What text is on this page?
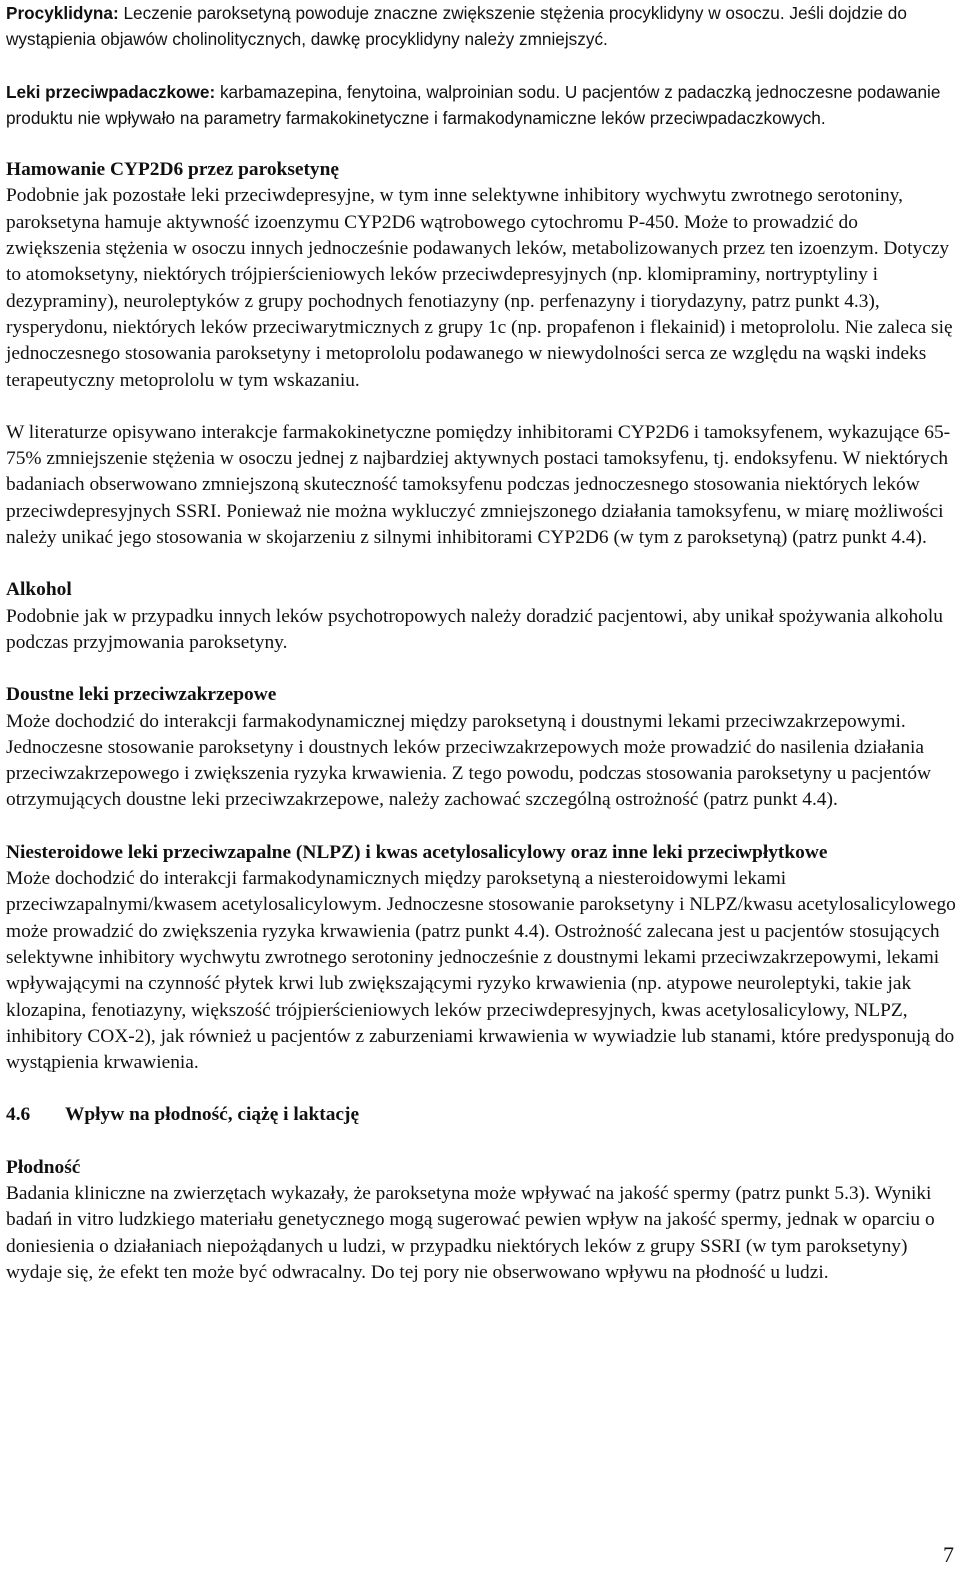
Procyklidyna: Leczenie paroksetyną powoduje znaczne zwiększenie stężenia procyklidyny w osoczu. Jeśli dojdzie do wystąpienia objawów cholinolitycznych, dawkę procyklidyny należy zmniejszyć.

Leki przeciwpadaczkowe: karbamazepina, fenytoina, walproinian sodu. U pacjentów z padaczką jednoczesne podawanie produktu nie wpływało na parametry farmakokinetyczne i farmakodynamiczne leków przeciwpadaczkowych.

Hamowanie CYP2D6 przez paroksetynę

Podobnie jak pozostałe leki przeciwdepresyjne, w tym inne selektywne inhibitory wychwytu zwrotnego serotoniny, paroksetyna hamuje aktywność izoenzymu CYP2D6 wątrobowego cytochromu P-450. Może to prowadzić do zwiększenia stężenia w osoczu innych jednocześnie podawanych leków, metabolizowanych przez ten izoenzym. Dotyczy to atomoksetyny, niektórych trójpierścieniowych leków przeciwdepresyjnych (np. klomipraminy, nortryptyliny i dezypraminy), neuroleptyków z grupy pochodnych fenotiazyny (np. perfenazyny i tiorydazyny, patrz punkt 4.3), rysperydonu, niektórych leków przeciwarytmicznych z grupy 1c (np. propafenon i flekainid) i metoprololu. Nie zaleca się jednoczesnego stosowania paroksetyny i metoprololu podawanego w niewydolności serca ze względu na wąski indeks terapeutyczny metoprololu w tym wskazaniu.

W literaturze opisywano interakcje farmakokinetyczne pomiędzy inhibitorami CYP2D6 i tamoksyfenem, wykazujące 65-75% zmniejszenie stężenia w osoczu jednej z najbardziej aktywnych postaci tamoksyfenu, tj. endoksyfenu. W niektórych badaniach obserwowano zmniejszoną skuteczność tamoksyfenu podczas jednoczesnego stosowania niektórych leków przeciwdepresyjnych SSRI. Ponieważ nie można wykluczyć zmniejszonego działania tamoksyfenu, w miarę możliwości należy unikać jego stosowania w skojarzeniu z silnymi inhibitorami CYP2D6 (w tym z paroksetyną) (patrz punkt 4.4).

Alkohol

Podobnie jak w przypadku innych leków psychotropowych należy doradzić pacjentowi, aby unikał spożywania alkoholu podczas przyjmowania paroksetyny.

Doustne leki przeciwzakrzepowe

Może dochodzić do interakcji farmakodynamicznej między paroksetyną i doustnymi lekami przeciwzakrzepowymi. Jednoczesne stosowanie paroksetyny i doustnych leków przeciwzakrzepowych może prowadzić do nasilenia działania przeciwzakrzepowego i zwiększenia ryzyka krwawienia. Z tego powodu, podczas stosowania paroksetyny u pacjentów otrzymujących doustne leki przeciwzakrzepowe, należy zachować szczególną ostrożność (patrz punkt 4.4).

Niesteroidowe leki przeciwzapalne (NLPZ) i kwas acetylosalicylowy oraz inne leki przeciwpłytkowe

Może dochodzić do interakcji farmakodynamicznych między paroksetyną a niesteroidowymi lekami przeciwzapalnymi/kwasem acetylosalicylowym. Jednoczesne stosowanie paroksetyny i NLPZ/kwasu acetylosalicylowego może prowadzić do zwiększenia ryzyka krwawienia (patrz punkt 4.4). Ostrożność zalecana jest u pacjentów stosujących selektywne inhibitory wychwytu zwrotnego serotoniny jednocześnie z doustnymi lekami przeciwzakrzepowymi, lekami wpływającymi na czynność płytek krwi lub zwiększającymi ryzyko krwawienia (np. atypowe neuroleptyki, takie jak klozapina, fenotiazyny, większość trójpierścieniowych leków przeciwdepresyjnych, kwas acetylosalicylowy, NLPZ, inhibitory COX-2), jak również u pacjentów z zaburzeniami krwawienia w wywiadzie lub stanami, które predysponują do wystąpienia krwawienia.

4.6	Wpływ na płodność, ciążę i laktację

Płodność

Badania kliniczne na zwierzętach wykazały, że paroksetyna może wpływać na jakość spermy (patrz punkt 5.3). Wyniki badań in vitro ludzkiego materiału genetycznego mogą sugerować pewien wpływ na jakość spermy, jednak w oparciu o doniesienia o działaniach niepożądanych u ludzi, w przypadku niektórych leków z grupy SSRI (w tym paroksetyny) wydaje się, że efekt ten może być odwracalny. Do tej pory nie obserwowano wpływu na płodność u ludzi.

7
